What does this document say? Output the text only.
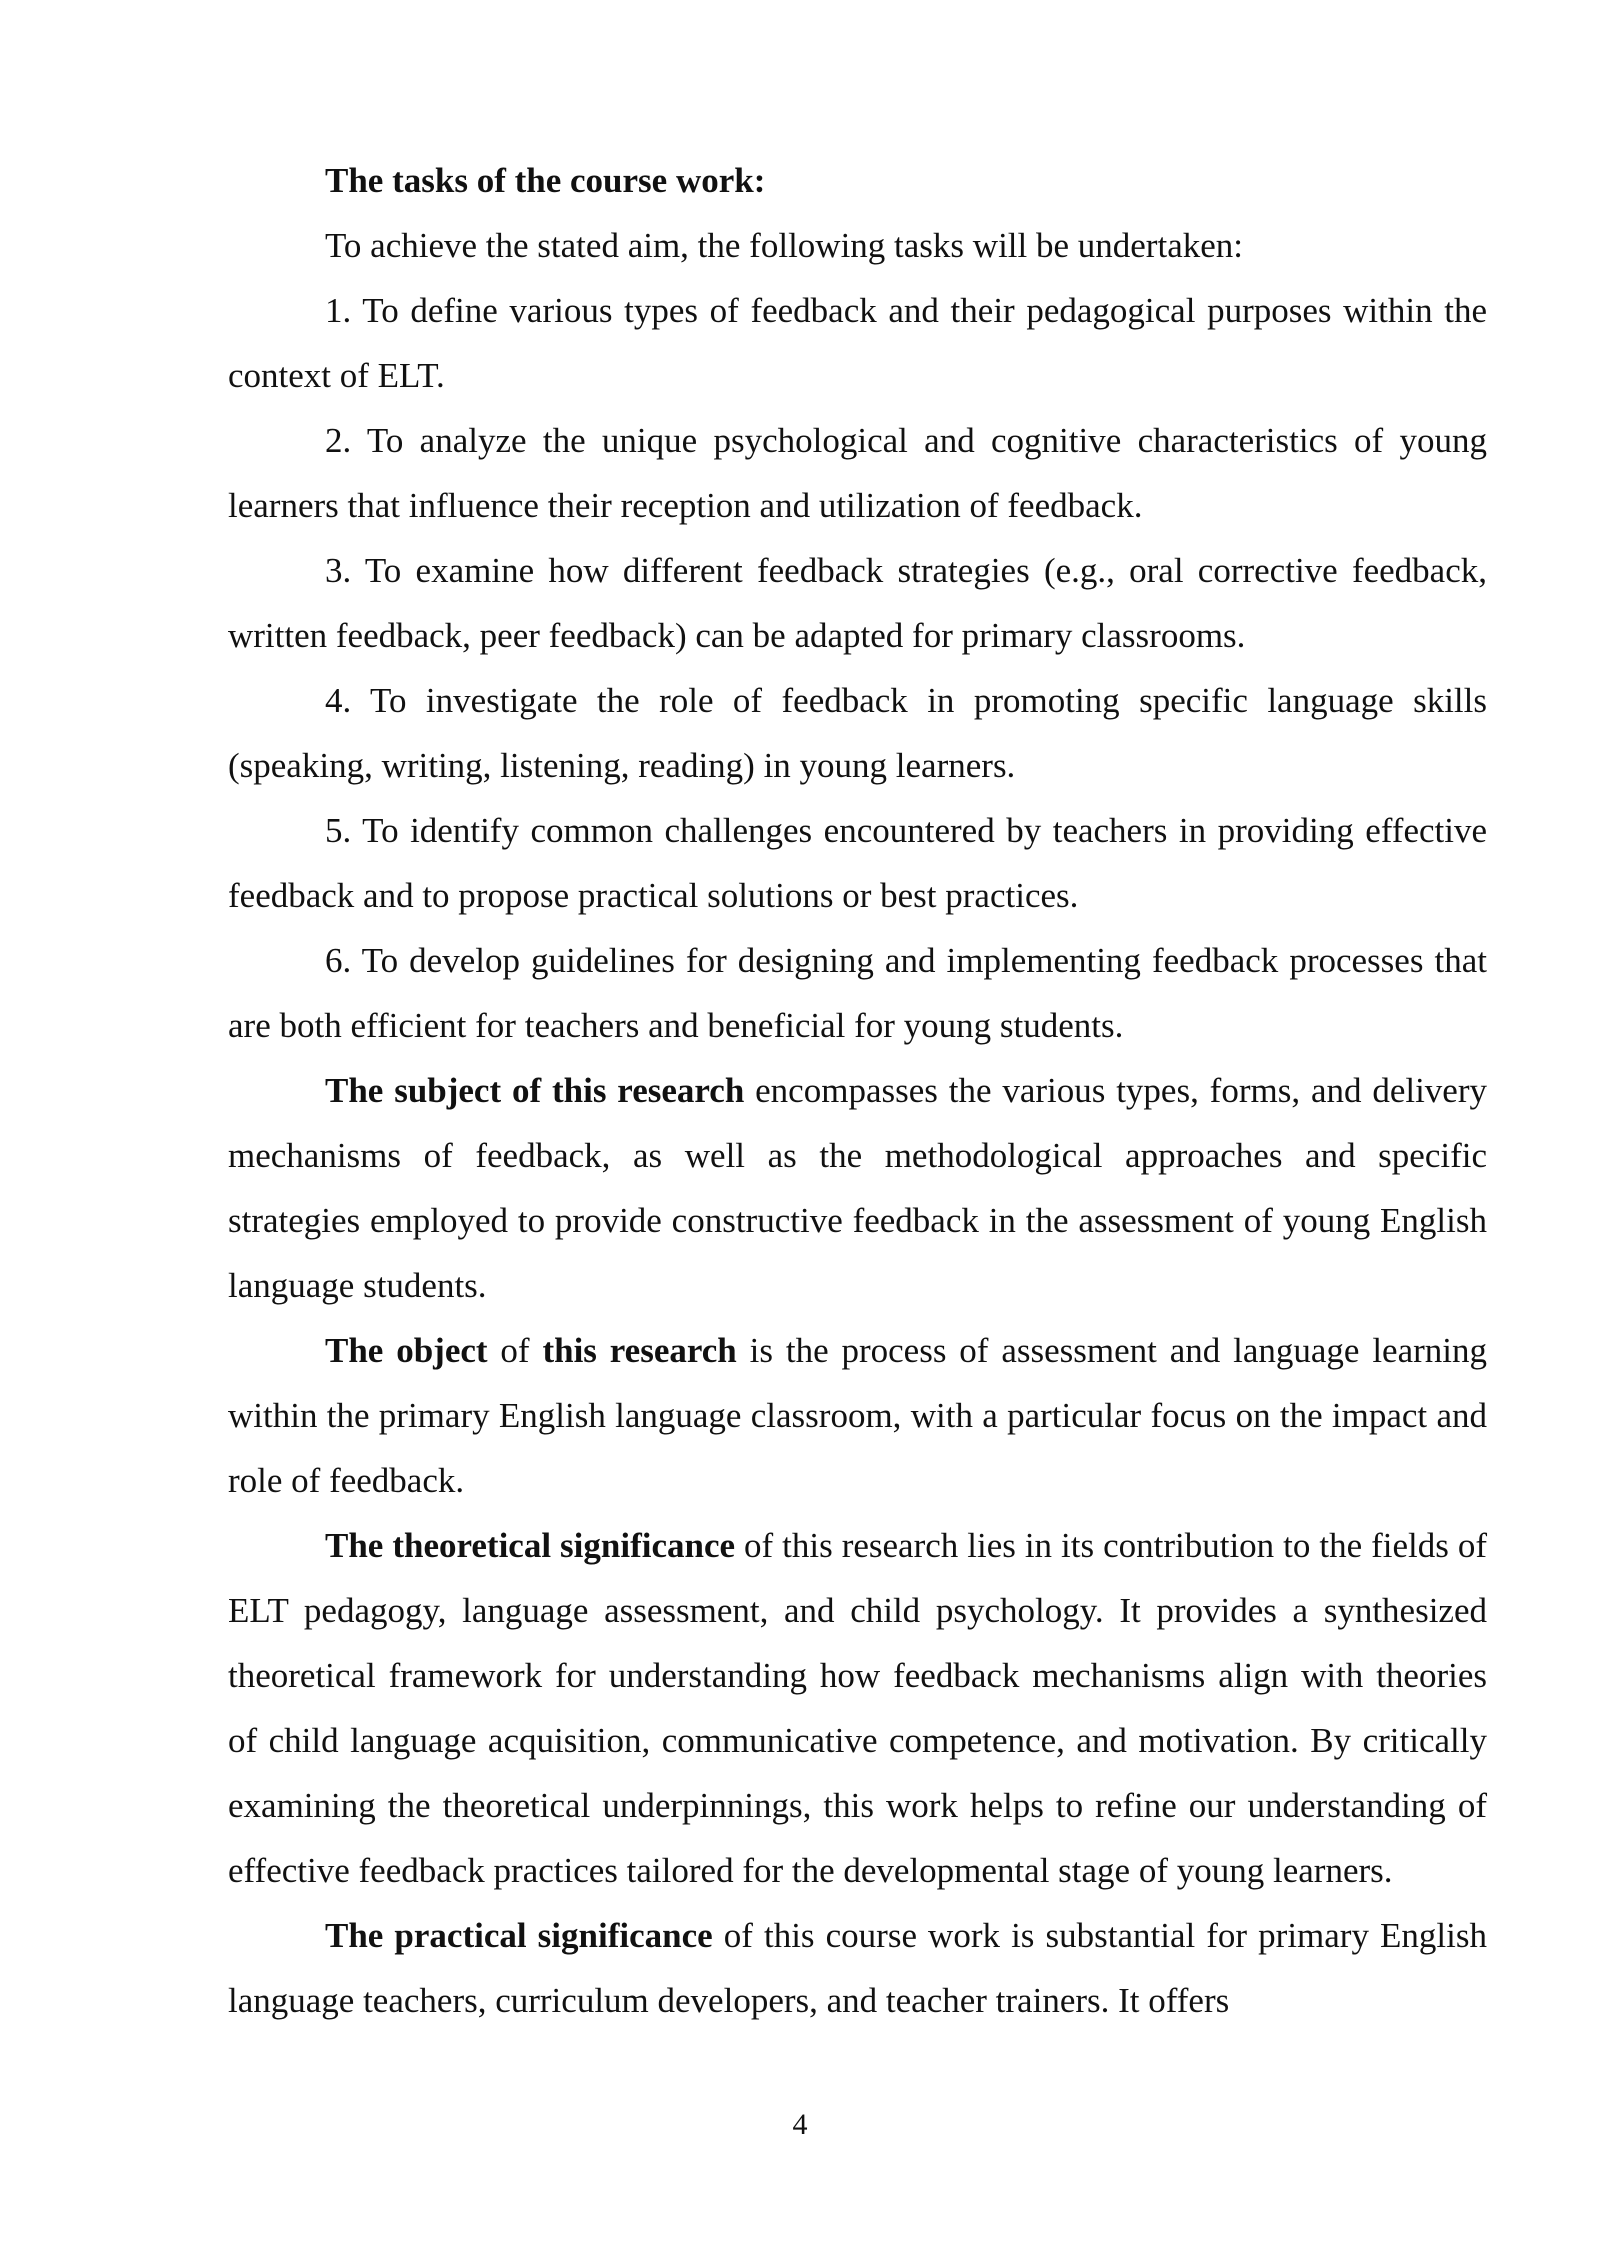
The tasks of the course work:

To achieve the stated aim, the following tasks will be undertaken:

1. To define various types of feedback and their pedagogical purposes within the context of ELT.

2. To analyze the unique psychological and cognitive characteristics of young learners that influence their reception and utilization of feedback.

3. To examine how different feedback strategies (e.g., oral corrective feedback, written feedback, peer feedback) can be adapted for primary classrooms.

4. To investigate the role of feedback in promoting specific language skills (speaking, writing, listening, reading) in young learners.

5. To identify common challenges encountered by teachers in providing effective feedback and to propose practical solutions or best practices.

6. To develop guidelines for designing and implementing feedback processes that are both efficient for teachers and beneficial for young students.

The subject of this research encompasses the various types, forms, and delivery mechanisms of feedback, as well as the methodological approaches and specific strategies employed to provide constructive feedback in the assessment of young English language students.

The object of this research is the process of assessment and language learning within the primary English language classroom, with a particular focus on the impact and role of feedback.

The theoretical significance of this research lies in its contribution to the fields of ELT pedagogy, language assessment, and child psychology. It provides a synthesized theoretical framework for understanding how feedback mechanisms align with theories of child language acquisition, communicative competence, and motivation. By critically examining the theoretical underpinnings, this work helps to refine our understanding of effective feedback practices tailored for the developmental stage of young learners.

The practical significance of this course work is substantial for primary English language teachers, curriculum developers, and teacher trainers. It offers

4
